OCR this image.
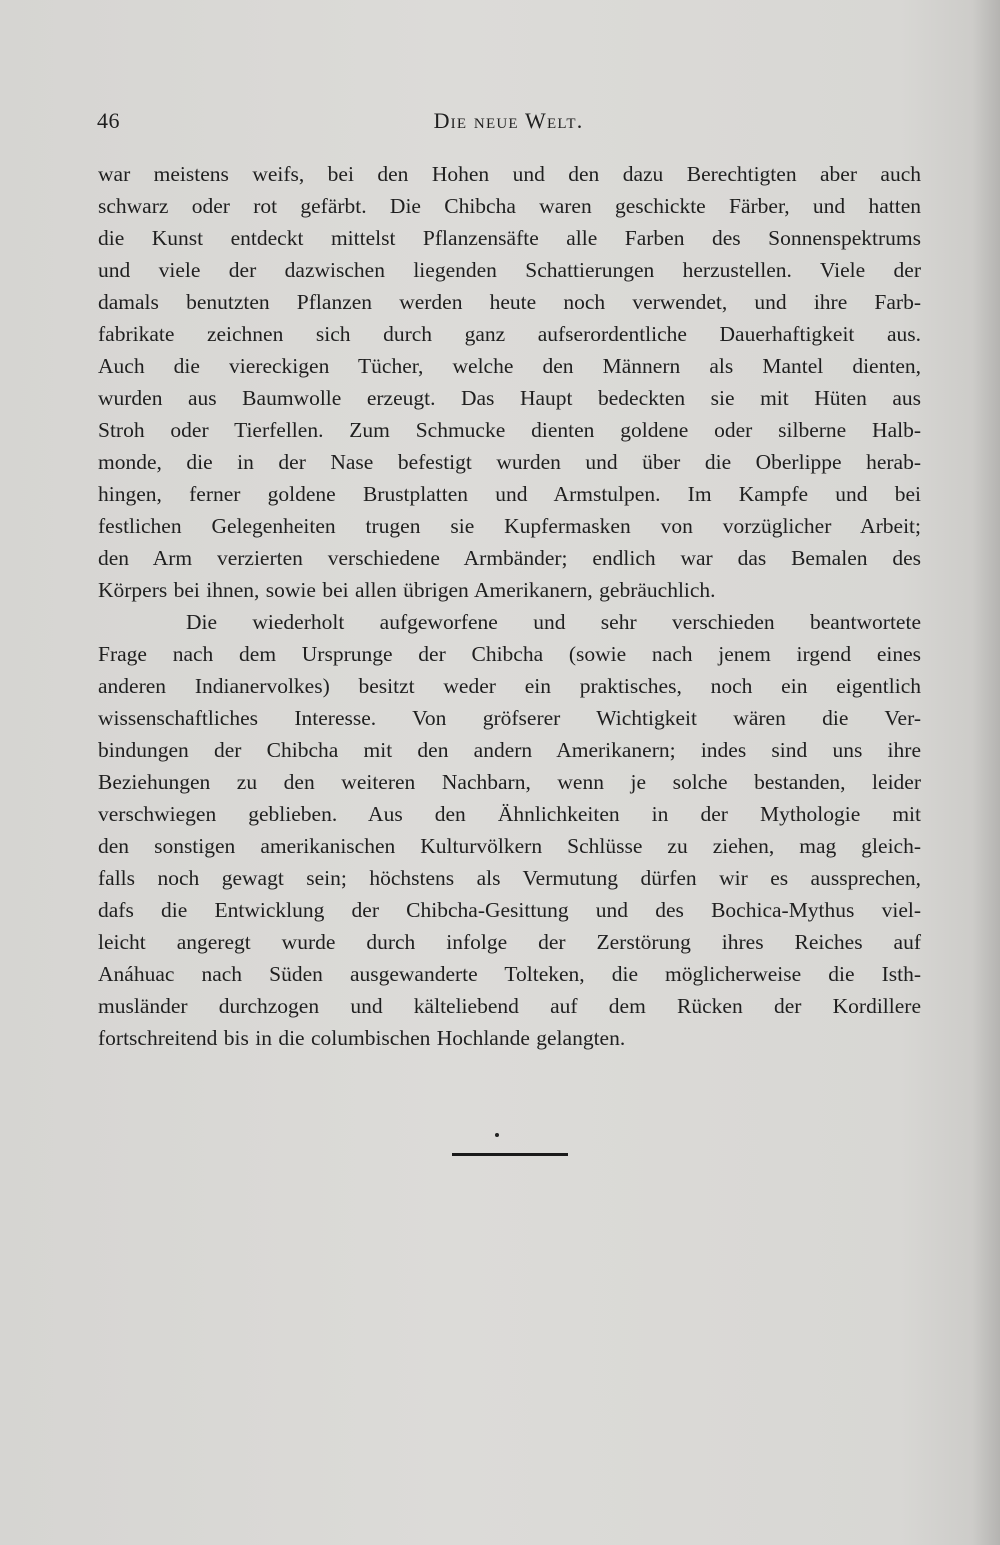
46	Die neue Welt.
war meistens weifs, bei den Hohen und den dazu Berechtigten aber auch
schwarz oder rot gefärbt. Die Chibcha waren geschickte Färber, und hatten
die Kunst entdeckt mittelst Pflanzensäfte alle Farben des Sonnenspektrums
und viele der dazwischen liegenden Schattierungen herzustellen. Viele der
damals benutzten Pflanzen werden heute noch verwendet, und ihre Farb-
fabrikate zeichnen sich durch ganz aufserordentliche Dauerhaftigkeit aus.
Auch die viereckigen Tücher, welche den Männern als Mantel dienten,
wurden aus Baumwolle erzeugt. Das Haupt bedeckten sie mit Hüten aus
Stroh oder Tierfellen. Zum Schmucke dienten goldene oder silberne Halb-
monde, die in der Nase befestigt wurden und über die Oberlippe herab-
hingen, ferner goldene Brustplatten und Armstulpen. Im Kampfe und bei
festlichen Gelegenheiten trugen sie Kupfermasken von vorzüglicher Arbeit;
den Arm verzierten verschiedene Armbänder; endlich war das Bemalen des
Körpers bei ihnen, sowie bei allen übrigen Amerikanern, gebräuchlich.
Die wiederholt aufgeworfene und sehr verschieden beantwortete
Frage nach dem Ursprunge der Chibcha (sowie nach jenem irgend eines
anderen Indianervolkes) besitzt weder ein praktisches, noch ein eigentlich
wissenschaftliches Interesse. Von gröfserer Wichtigkeit wären die Ver-
bindungen der Chibcha mit den andern Amerikanern; indes sind uns ihre
Beziehungen zu den weiteren Nachbarn, wenn je solche bestanden, leider
verschwiegen geblieben. Aus den Ähnlichkeiten in der Mythologie mit
den sonstigen amerikanischen Kulturvölkern Schlüsse zu ziehen, mag gleich-
falls noch gewagt sein; höchstens als Vermutung dürfen wir es aussprechen,
dafs die Entwicklung der Chibcha-Gesittung und des Bochica-Mythus viel-
leicht angeregt wurde durch infolge der Zerstörung ihres Reiches auf
Anáhuac nach Süden ausgewanderte Tolteken, die möglicherweise die Isth-
musländer durchzogen und kälteliebend auf dem Rücken der Kordillere
fortschreitend bis in die columbischen Hochlande gelangten.
